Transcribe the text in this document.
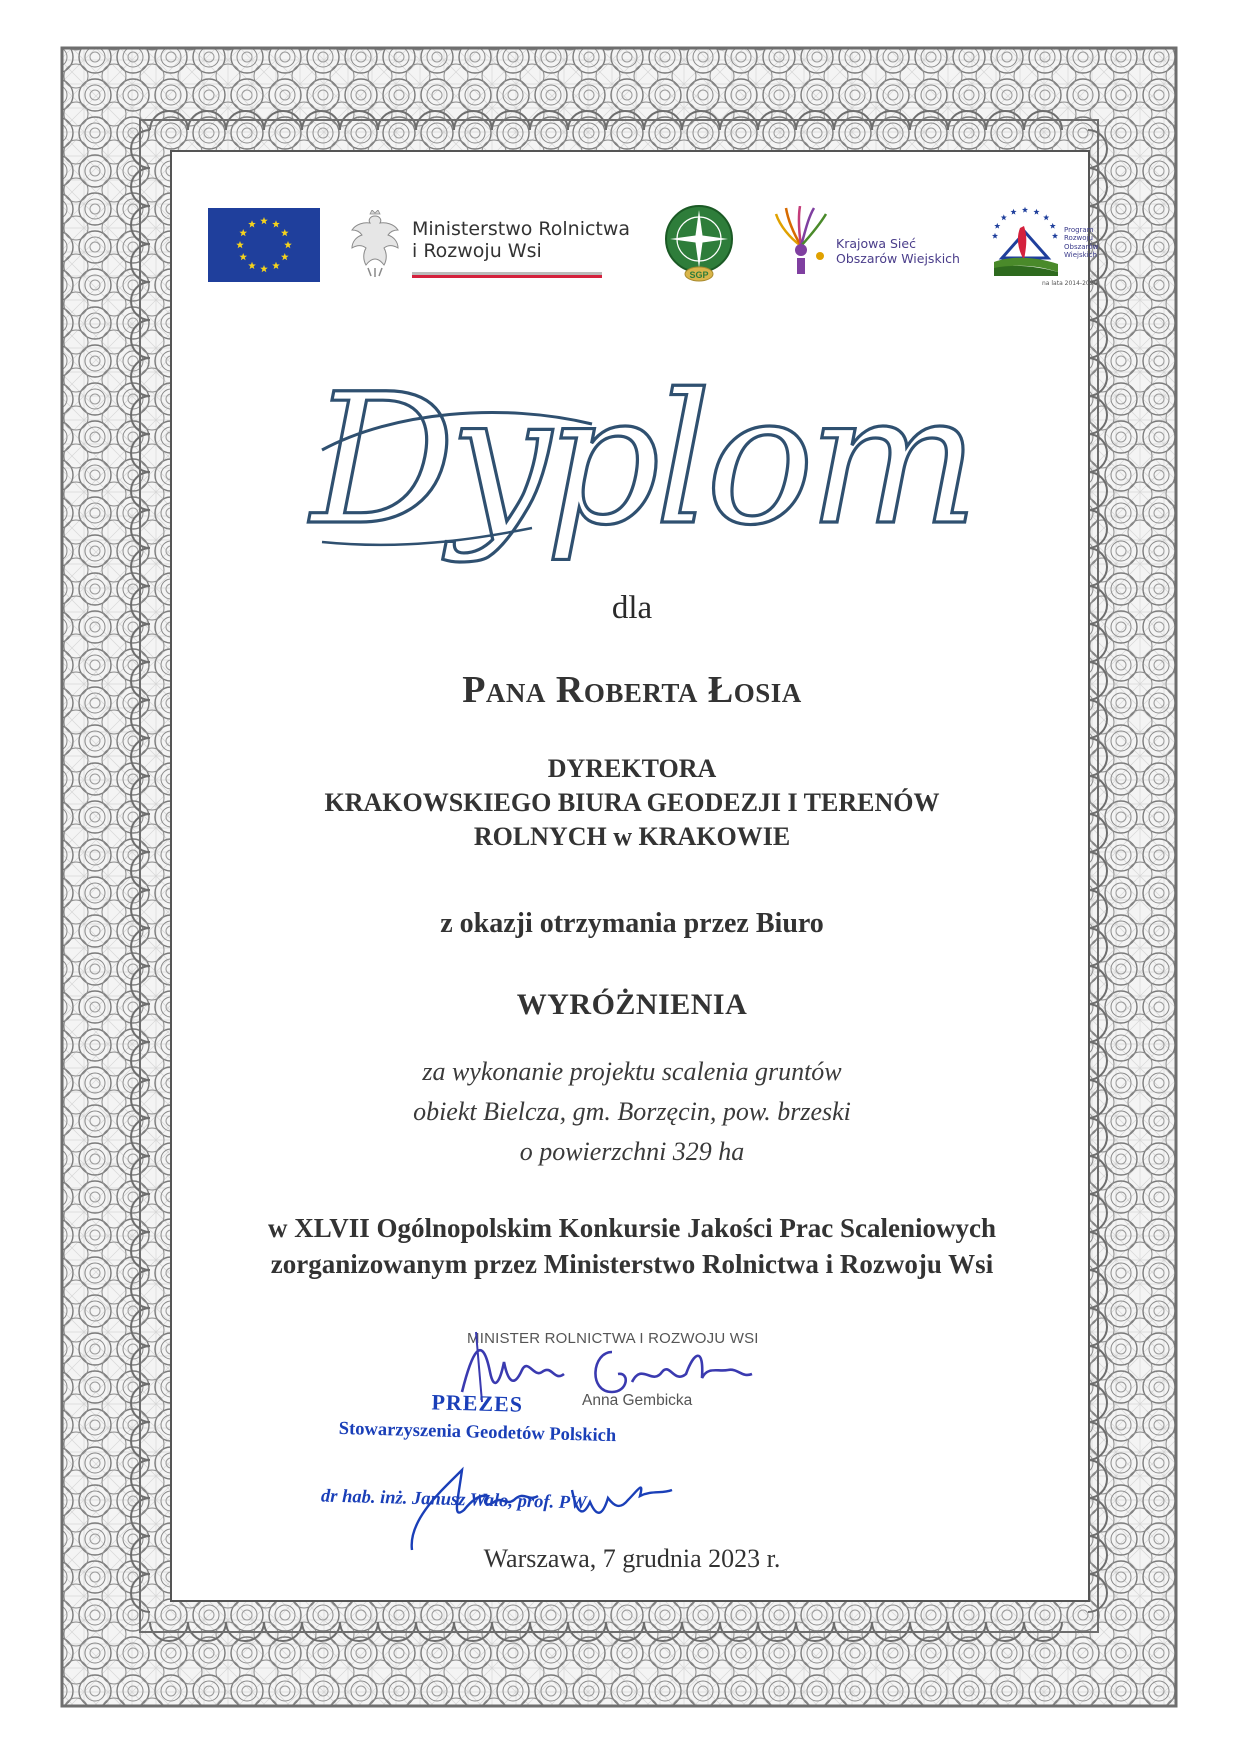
Ministerstwo Rolnictwa
i Rozwoju Wsi
SGP
Krajowa Sieć
Obszarów Wiejskich
Program
Rozwoju
Obszarów
Wiejskich
na lata 2014-2020
Dyplom
dla
Pana Roberta Łosia
DYREKTORA
KRAKOWSKIEGO BIURA GEODEZJI I TERENÓW
ROLNYCH w KRAKOWIE
z okazji otrzymania przez Biuro
WYRÓŻNIENIA
za wykonanie projektu scalenia gruntów
obiekt Bielcza, gm. Borzęcin, pow. brzeski
o powierzchni 329 ha
w XLVII Ogólnopolskim Konkursie Jakości Prac Scaleniowych
zorganizowanym przez Ministerstwo Rolnictwa i Rozwoju Wsi
MINISTER ROLNICTWA I ROZWOJU WSI
Anna Gembicka
PREZES
Stowarzyszenia Geodetów Polskich
dr hab. inż. Janusz Walo, prof. PW
Warszawa, 7 grudnia 2023 r.
